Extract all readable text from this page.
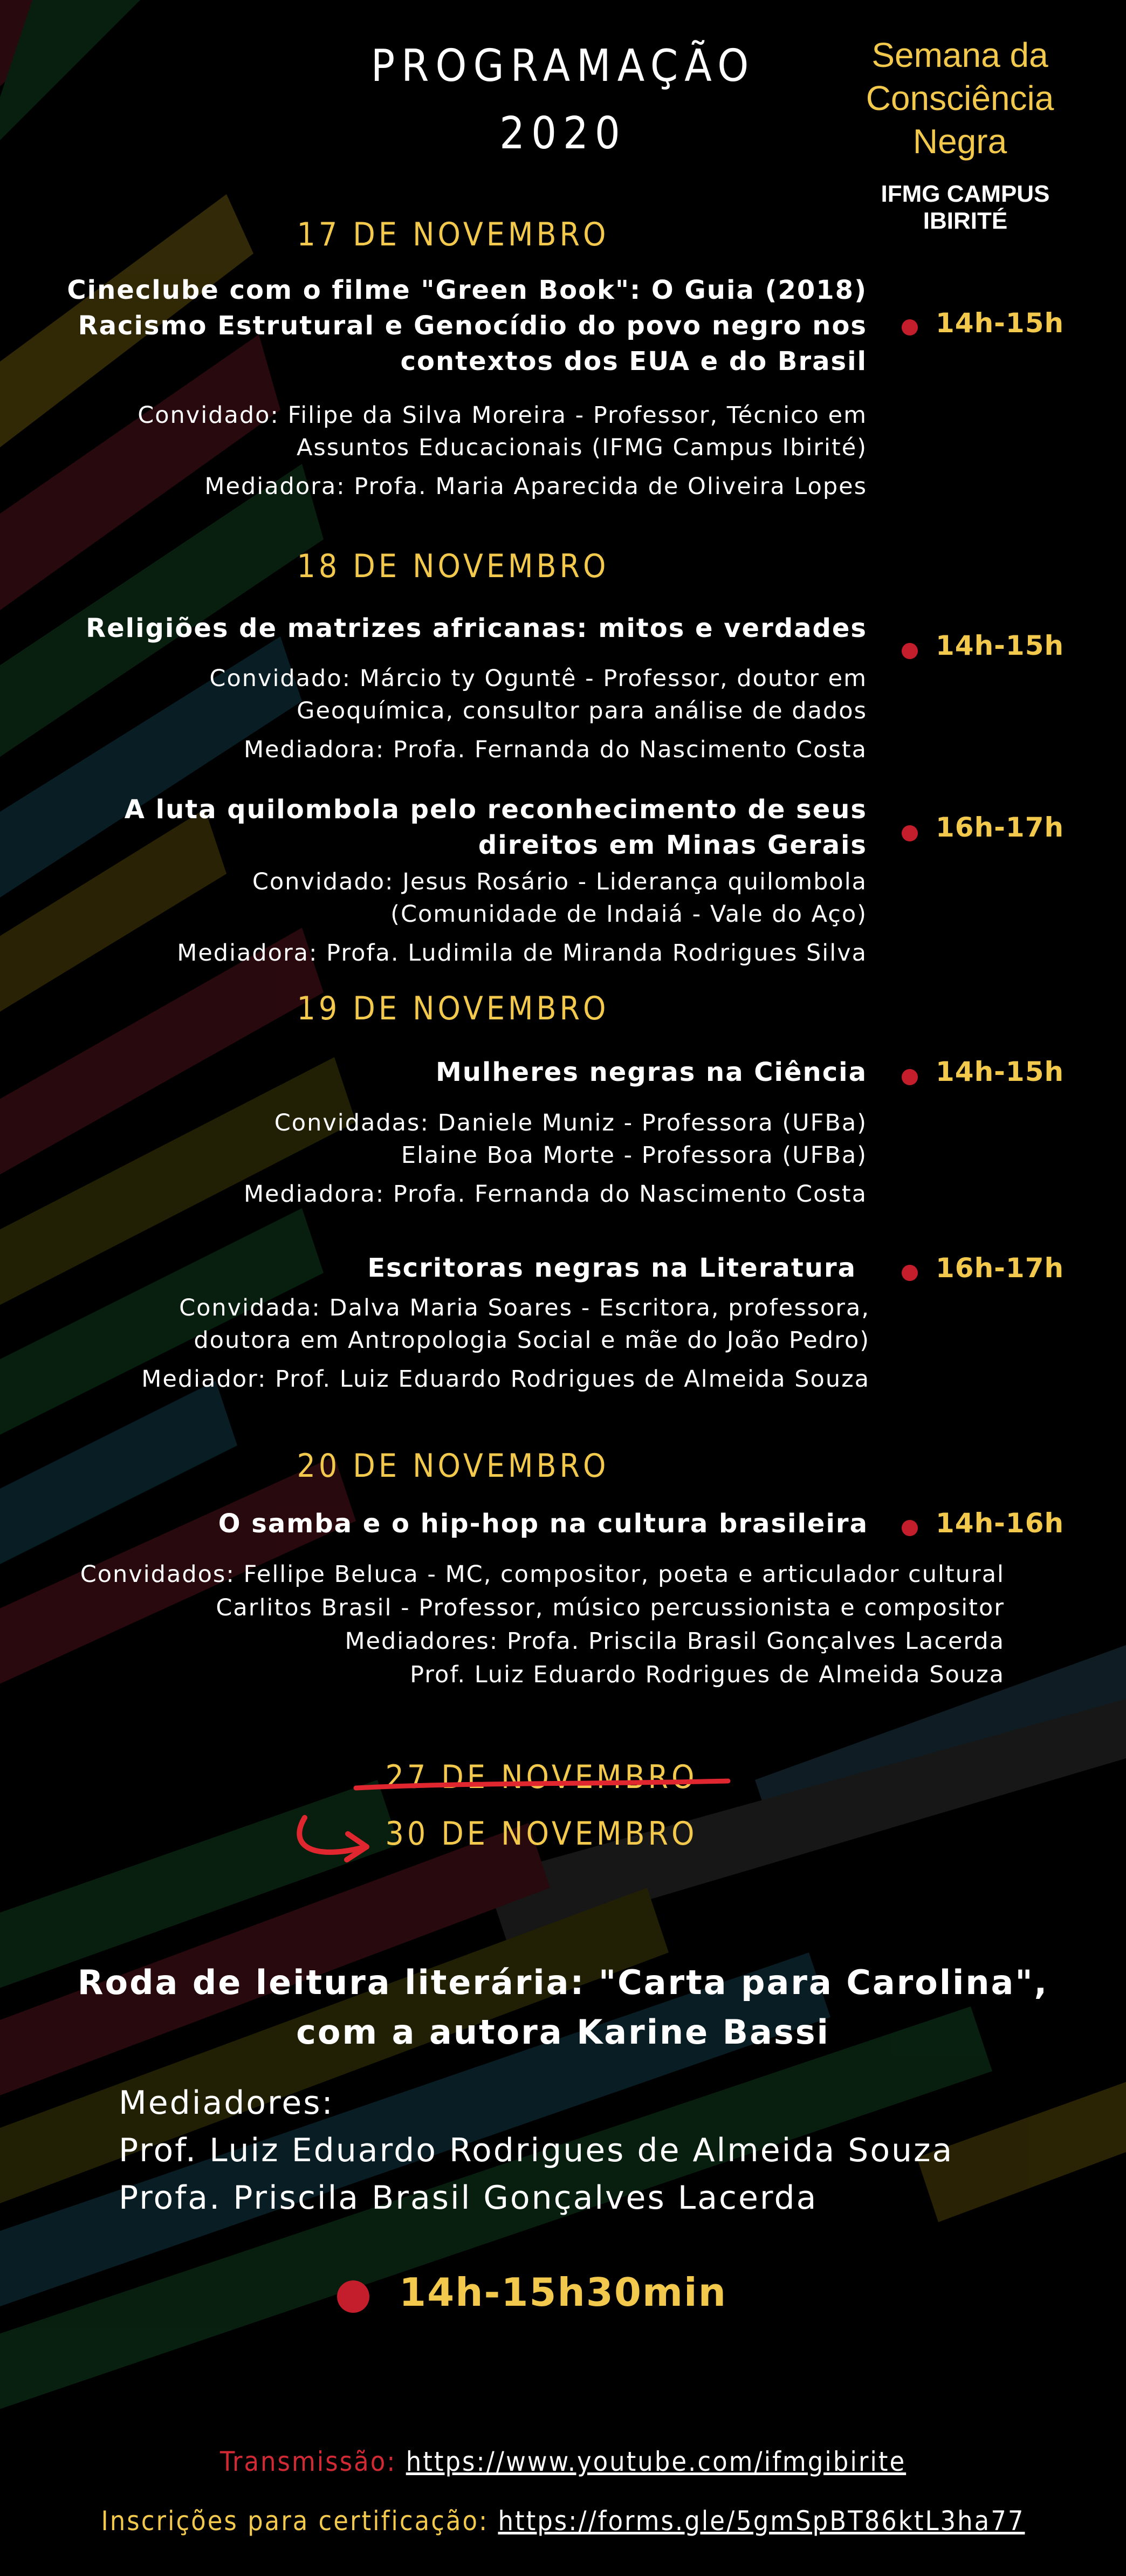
PROGRAMAÇÃO
2020
Semana da
Consciência
Negra
IFMG CAMPUS IBIRITÉ
17 DE NOVEMBRO
Cineclube com o filme "Green Book": O Guia (2018)
Racismo Estrutural e Genocídio do povo negro nos
contextos dos EUA e do Brasil
14h-15h
Convidado: Filipe da Silva Moreira - Professor, Técnico em
Assuntos Educacionais (IFMG Campus Ibirité)
Mediadora: Profa. Maria Aparecida de Oliveira Lopes
18 DE NOVEMBRO
Religiões de matrizes africanas: mitos e verdades
14h-15h
Convidado: Márcio ty Oguntê - Professor, doutor em
Geoquímica, consultor para análise de dados
Mediadora: Profa. Fernanda do Nascimento Costa
A luta quilombola pelo reconhecimento de seus
direitos em Minas Gerais
16h-17h
Convidado: Jesus Rosário - Liderança quilombola
(Comunidade de Indaiá - Vale do Aço)
Mediadora: Profa. Ludimila de Miranda Rodrigues Silva
19 DE NOVEMBRO
Mulheres negras na Ciência	14h-15h
Convidadas: Daniele Muniz - Professora (UFBa)
Elaine Boa Morte - Professora (UFBa)
Mediadora: Profa. Fernanda do Nascimento Costa
Escritoras negras na Literatura	16h-17h
Convidada: Dalva Maria Soares - Escritora, professora,
doutora em Antropologia Social e mãe do João Pedro)
Mediador: Prof. Luiz Eduardo Rodrigues de Almeida Souza
20 DE NOVEMBRO
O samba e o hip-hop na cultura brasileira	14h-16h
Convidados: Fellipe Beluca - MC, compositor, poeta e articulador cultural
Carlitos Brasil - Professor, músico percussionista e compositor
Mediadores: Profa. Priscila Brasil Gonçalves Lacerda
Prof. Luiz Eduardo Rodrigues de Almeida Souza
27 DE NOVEMBRO
30 DE NOVEMBRO
Roda de leitura literária: "Carta para Carolina",
com a autora Karine Bassi
Mediadores:
Prof. Luiz Eduardo Rodrigues de Almeida Souza
Profa. Priscila Brasil Gonçalves Lacerda
14h-15h30min
Transmissão: https://www.youtube.com/ifmgibirite
Inscrições para certificação: https://forms.gle/5gmSpBT86ktL3ha77
